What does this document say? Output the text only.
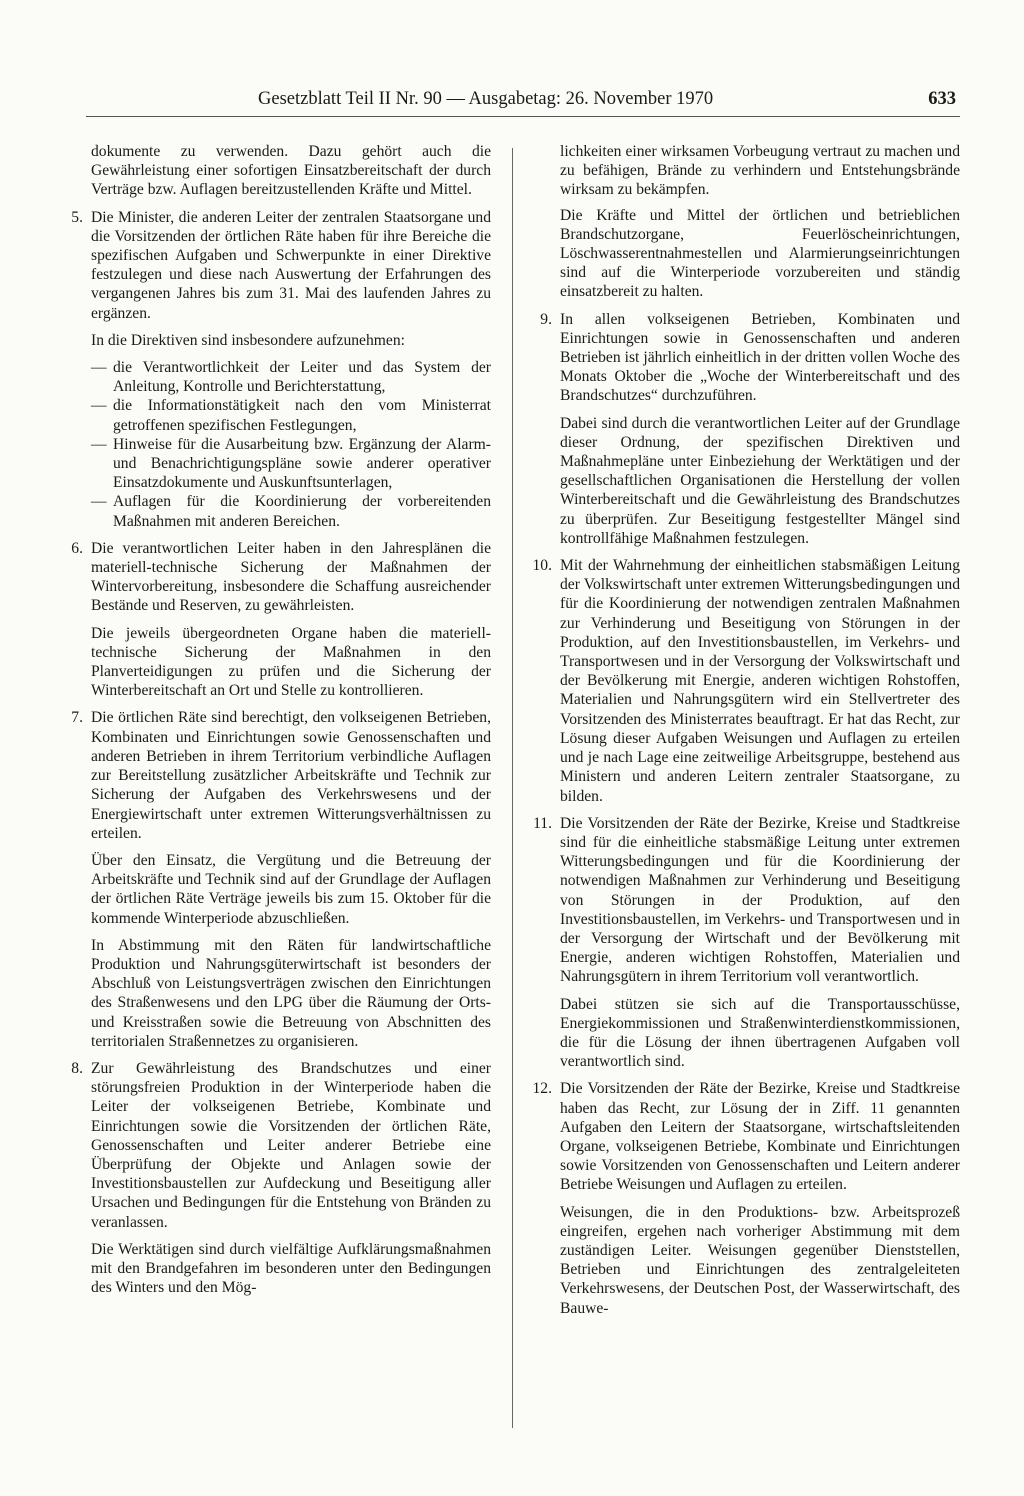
Gesetzblatt Teil II Nr. 90 — Ausgabetag: 26. November 1970	633

dokumente zu verwenden. Dazu gehört auch die Gewährleistung einer sofortigen Einsatzbereitschaft der durch Verträge bzw. Auflagen bereitzustellenden Kräfte und Mittel.

5. Die Minister, die anderen Leiter der zentralen Staatsorgane und die Vorsitzenden der örtlichen Räte haben für ihre Bereiche die spezifischen Aufgaben und Schwerpunkte in einer Direktive festzulegen und diese nach Auswertung der Erfahrungen des vergangenen Jahres bis zum 31. Mai des laufenden Jahres zu ergänzen.

In die Direktiven sind insbesondere aufzunehmen:

— die Verantwortlichkeit der Leiter und das System der Anleitung, Kontrolle und Berichterstattung,
— die Informationstätigkeit nach den vom Ministerrat getroffenen spezifischen Festlegungen,
— Hinweise für die Ausarbeitung bzw. Ergänzung der Alarm- und Benachrichtigungspläne sowie anderer operativer Einsatzdokumente und Auskunftsunterlagen,
— Auflagen für die Koordinierung der vorbereitenden Maßnahmen mit anderen Bereichen.
6. Die verantwortlichen Leiter haben in den Jahresplänen die materiell-technische Sicherung der Maßnahmen der Wintervorbereitung, insbesondere die Schaffung ausreichender Bestände und Reserven, zu gewährleisten.

Die jeweils übergeordneten Organe haben die materiell-technische Sicherung der Maßnahmen in den Planverteidigungen zu prüfen und die Sicherung der Winterbereitschaft an Ort und Stelle zu kontrollieren.

7. Die örtlichen Räte sind berechtigt, den volkseigenen Betrieben, Kombinaten und Einrichtungen sowie Genossenschaften und anderen Betrieben in ihrem Territorium verbindliche Auflagen zur Bereitstellung zusätzlicher Arbeitskräfte und Technik zur Sicherung der Aufgaben des Verkehrswesens und der Energiewirtschaft unter extremen Witterungsverhältnissen zu erteilen.

Über den Einsatz, die Vergütung und die Betreuung der Arbeitskräfte und Technik sind auf der Grundlage der Auflagen der örtlichen Räte Verträge jeweils bis zum 15. Oktober für die kommende Winterperiode abzuschließen.

In Abstimmung mit den Räten für landwirtschaftliche Produktion und Nahrungsgüterwirtschaft ist besonders der Abschluß von Leistungsverträgen zwischen den Einrichtungen des Straßenwesens und den LPG über die Räumung der Orts- und Kreisstraßen sowie die Betreuung von Abschnitten des territorialen Straßennetzes zu organisieren.

8. Zur Gewährleistung des Brandschutzes und einer störungsfreien Produktion in der Winterperiode haben die Leiter der volkseigenen Betriebe, Kombinate und Einrichtungen sowie die Vorsitzenden der örtlichen Räte, Genossenschaften und Leiter anderer Betriebe eine Überprüfung der Objekte und Anlagen sowie der Investitionsbaustellen zur Aufdeckung und Beseitigung aller Ursachen und Bedingungen für die Entstehung von Bränden zu veranlassen.

Die Werktätigen sind durch vielfältige Aufklärungsmaßnahmen mit den Brandgefahren im besonderen unter den Bedingungen des Winters und den Mög-

lichkeiten einer wirksamen Vorbeugung vertraut zu machen und zu befähigen, Brände zu verhindern und Entstehungsbrände wirksam zu bekämpfen.

Die Kräfte und Mittel der örtlichen und betrieblichen Brandschutzorgane, Feuerlöscheinrichtungen, Löschwasserentnahmestellen und Alarmierungseinrichtungen sind auf die Winterperiode vorzubereiten und ständig einsatzbereit zu halten.

9. In allen volkseigenen Betrieben, Kombinaten und Einrichtungen sowie in Genossenschaften und anderen Betrieben ist jährlich einheitlich in der dritten vollen Woche des Monats Oktober die „Woche der Winterbereitschaft und des Brandschutzes“ durchzuführen.

Dabei sind durch die verantwortlichen Leiter auf der Grundlage dieser Ordnung, der spezifischen Direktiven und Maßnahmepläne unter Einbeziehung der Werktätigen und der gesellschaftlichen Organisationen die Herstellung der vollen Winterbereitschaft und die Gewährleistung des Brandschutzes zu überprüfen. Zur Beseitigung festgestellter Mängel sind kontrollfähige Maßnahmen festzulegen.

10. Mit der Wahrnehmung der einheitlichen stabsmäßigen Leitung der Volkswirtschaft unter extremen Witterungsbedingungen und für die Koordinierung der notwendigen zentralen Maßnahmen zur Verhinderung und Beseitigung von Störungen in der Produktion, auf den Investitionsbaustellen, im Verkehrs- und Transportwesen und in der Versorgung der Volkswirtschaft und der Bevölkerung mit Energie, anderen wichtigen Rohstoffen, Materialien und Nahrungsgütern wird ein Stellvertreter des Vorsitzenden des Ministerrates beauftragt. Er hat das Recht, zur Lösung dieser Aufgaben Weisungen und Auflagen zu erteilen und je nach Lage eine zeitweilige Arbeitsgruppe, bestehend aus Ministern und anderen Leitern zentraler Staatsorgane, zu bilden.

11. Die Vorsitzenden der Räte der Bezirke, Kreise und Stadtkreise sind für die einheitliche stabsmäßige Leitung unter extremen Witterungsbedingungen und für die Koordinierung der notwendigen Maßnahmen zur Verhinderung und Beseitigung von Störungen in der Produktion, auf den Investitionsbaustellen, im Verkehrs- und Transportwesen und in der Versorgung der Wirtschaft und der Bevölkerung mit Energie, anderen wichtigen Rohstoffen, Materialien und Nahrungsgütern in ihrem Territorium voll verantwortlich.

Dabei stützen sie sich auf die Transportausschüsse, Energiekommissionen und Straßenwinterdienstkommissionen, die für die Lösung der ihnen übertragenen Aufgaben voll verantwortlich sind.

12. Die Vorsitzenden der Räte der Bezirke, Kreise und Stadtkreise haben das Recht, zur Lösung der in Ziff. 11 genannten Aufgaben den Leitern der Staatsorgane, wirtschaftsleitenden Organe, volkseigenen Betriebe, Kombinate und Einrichtungen sowie Vorsitzenden von Genossenschaften und Leitern anderer Betriebe Weisungen und Auflagen zu erteilen.

Weisungen, die in den Produktions- bzw. Arbeitsprozeß eingreifen, ergehen nach vorheriger Abstimmung mit dem zuständigen Leiter. Weisungen gegenüber Dienststellen, Betrieben und Einrichtungen des zentralgeleiteten Verkehrswesens, der Deutschen Post, der Wasserwirtschaft, des Bauwe-
